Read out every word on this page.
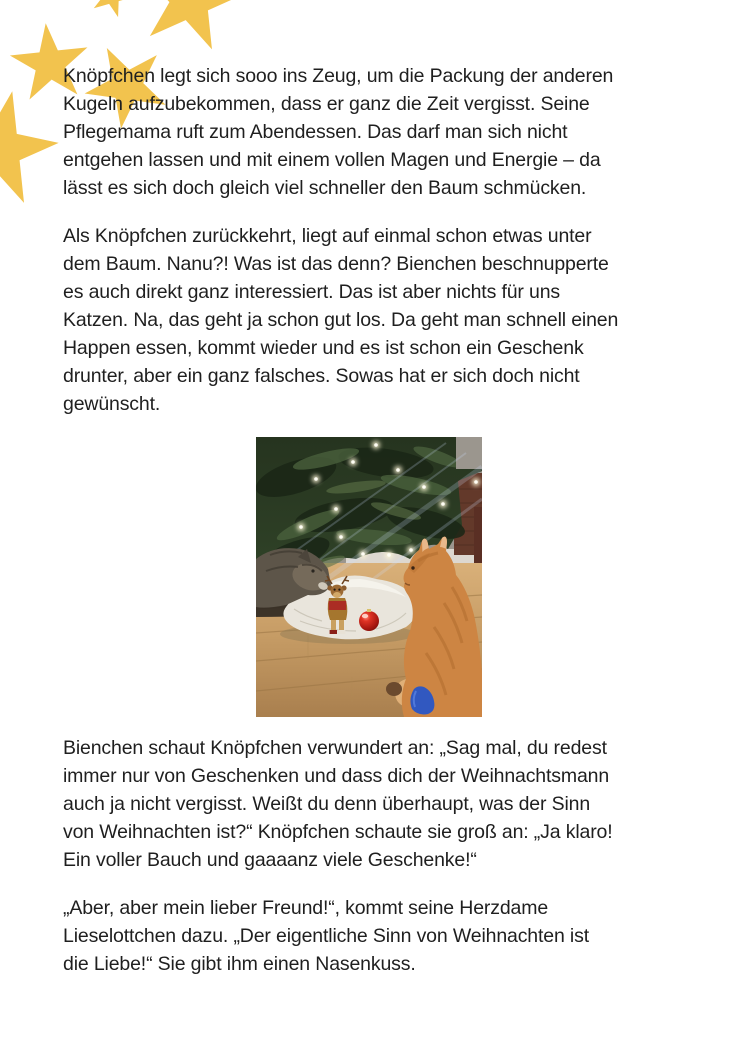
Knöpfchen legt sich sooo ins Zeug, um die Packung der anderen
Kugeln aufzubekommen, dass er ganz die Zeit vergisst. Seine
Pflegemama ruft zum Abendessen. Das darf man sich nicht
entgehen lassen und mit einem vollen Magen und Energie – da
lässt es sich doch gleich viel schneller den Baum schmücken.
Als Knöpfchen zurückkehrt, liegt auf einmal schon etwas unter
dem Baum. Nanu?! Was ist das denn? Bienchen beschnupperte
es auch direkt ganz interessiert. Das ist aber nichts für uns
Katzen. Na, das geht ja schon gut los. Da geht man schnell einen
Happen essen, kommt wieder und es ist schon ein Geschenk
drunter, aber ein ganz falsches. Sowas hat er sich doch nicht
gewünscht.
Bienchen schaut Knöpfchen verwundert an: „Sag mal, du redest
immer nur von Geschenken und dass dich der Weihnachtsmann
auch ja nicht vergisst. Weißt du denn überhaupt, was der Sinn
von Weihnachten ist?“ Knöpfchen schaute sie groß an: „Ja klaro!
Ein voller Bauch und gaaaanz viele Geschenke!“
„Aber, aber mein lieber Freund!“, kommt seine Herzdame
Lieselottchen dazu. „Der eigentliche Sinn von Weihnachten ist
die Liebe!“ Sie gibt ihm einen Nasenkuss.
